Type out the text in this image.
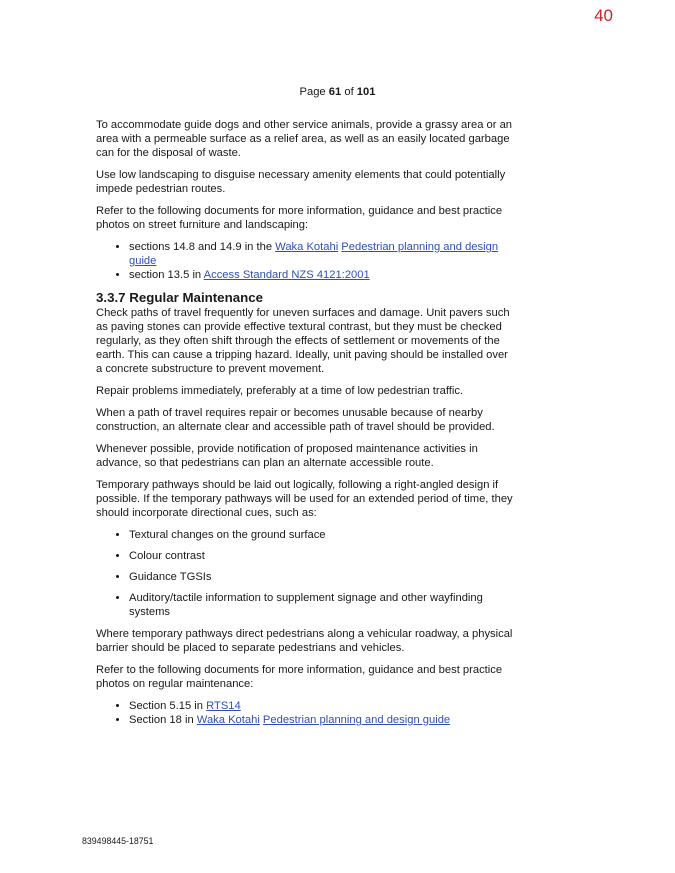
40
Page 61 of 101

To accommodate guide dogs and other service animals, provide a grassy area or an area with a permeable surface as a relief area, as well as an easily located garbage can for the disposal of waste.

Use low landscaping to disguise necessary amenity elements that could potentially impede pedestrian routes.

Refer to the following documents for more information, guidance and best practice photos on street furniture and landscaping:

• sections 14.8 and 14.9 in the Waka Kotahi Pedestrian planning and design guide
• section 13.5 in Access Standard NZS 4121:2001
3.3.7 Regular Maintenance

Check paths of travel frequently for uneven surfaces and damage. Unit pavers such as paving stones can provide effective textural contrast, but they must be checked regularly, as they often shift through the effects of settlement or movements of the earth. This can cause a tripping hazard. Ideally, unit paving should be installed over a concrete substructure to prevent movement.

Repair problems immediately, preferably at a time of low pedestrian traffic.

When a path of travel requires repair or becomes unusable because of nearby construction, an alternate clear and accessible path of travel should be provided.

Whenever possible, provide notification of proposed maintenance activities in advance, so that pedestrians can plan an alternate accessible route.

Temporary pathways should be laid out logically, following a right-angled design if possible. If the temporary pathways will be used for an extended period of time, they should incorporate directional cues, such as:

• Textural changes on the ground surface
• Colour contrast
• Guidance TGSIs
• Auditory/tactile information to supplement signage and other wayfinding systems

Where temporary pathways direct pedestrians along a vehicular roadway, a physical barrier should be placed to separate pedestrians and vehicles.

Refer to the following documents for more information, guidance and best practice photos on regular maintenance:

• Section 5.15 in RTS14
• Section 18 in Waka Kotahi Pedestrian planning and design guide
839498445-18751
